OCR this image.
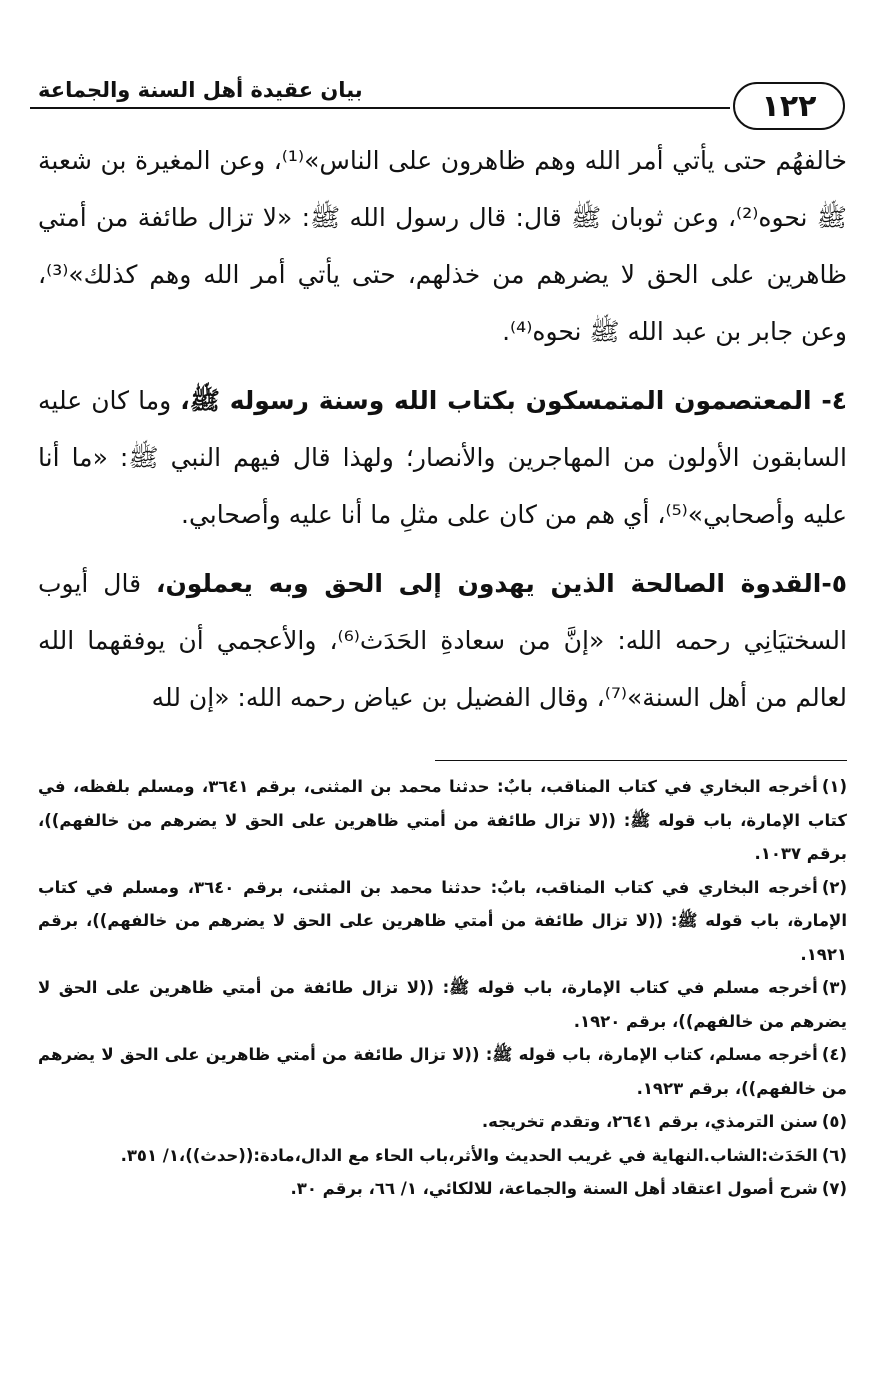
بيان عقيدة أهل السنة والجماعة	١٢٢

خالفهُم حتى يأتي أمر الله وهم ظاهرون على الناس»⁽¹⁾، وعن المغيرة بن شعبة ﷺ نحوه⁽²⁾، وعن ثوبان ﷺ قال: قال رسول الله ﷺ: «لا تزال طائفة من أمتي ظاهرين على الحق لا يضرهم من خذلهم، حتى يأتي أمر الله وهم كذلك»⁽³⁾، وعن جابر بن عبد الله ﷺ نحوه⁽⁴⁾.

٤- المعتصمون المتمسكون بكتاب الله وسنة رسوله ﷺ، وما كان عليه السابقون الأولون من المهاجرين والأنصار؛ ولهذا قال فيهم النبي ﷺ: «ما أنا عليه وأصحابي»⁽⁵⁾، أي هم من كان على مثلِ ما أنا عليه وأصحابي.

٥-القدوة الصالحة الذين يهدون إلى الحق وبه يعملون، قال أيوب السختيَانِي رحمه الله: «إنَّ من سعادةِ الحَدَث⁽⁶⁾، والأعجمي أن يوفقهما الله لعالم من أهل السنة»⁽⁷⁾، وقال الفضيل بن عياض رحمه الله: «إن لله

(١)أخرجه البخاري في كتاب المناقب، بابٌ: حدثنا محمد بن المثنى، برقم ٣٦٤١، ومسلم بلفظه، في كتاب الإمارة، باب قوله ﷺ: ((لا تزال طائفة من أمتي ظاهرين على الحق لا يضرهم من خالفهم))، برقم ١٠٣٧.

(٢)أخرجه البخاري في كتاب المناقب، بابٌ: حدثنا محمد بن المثنى، برقم ٣٦٤٠، ومسلم في كتاب الإمارة، باب قوله ﷺ: ((لا تزال طائفة من أمتي ظاهرين على الحق لا يضرهم من خالفهم))، برقم ١٩٢١.

(٣)أخرجه مسلم في كتاب الإمارة، باب قوله ﷺ: ((لا تزال طائفة من أمتي ظاهرين على الحق لا يضرهم من خالفهم))، برقم ١٩٢٠.

(٤)أخرجه مسلم، كتاب الإمارة، باب قوله ﷺ: ((لا تزال طائفة من أمتي ظاهرين على الحق لا يضرهم من خالفهم))، برقم ١٩٢٣.

(٥)سنن الترمذي، برقم ٢٦٤١، وتقدم تخريجه.

(٦)الحَدَث:الشاب.النهاية في غريب الحديث والأثر،باب الحاء مع الدال،مادة:((حدث))،١/ ٣٥١.

(٧)شرح أصول اعتقاد أهل السنة والجماعة، للالكائي، ١/ ٦٦، برقم ٣٠.
